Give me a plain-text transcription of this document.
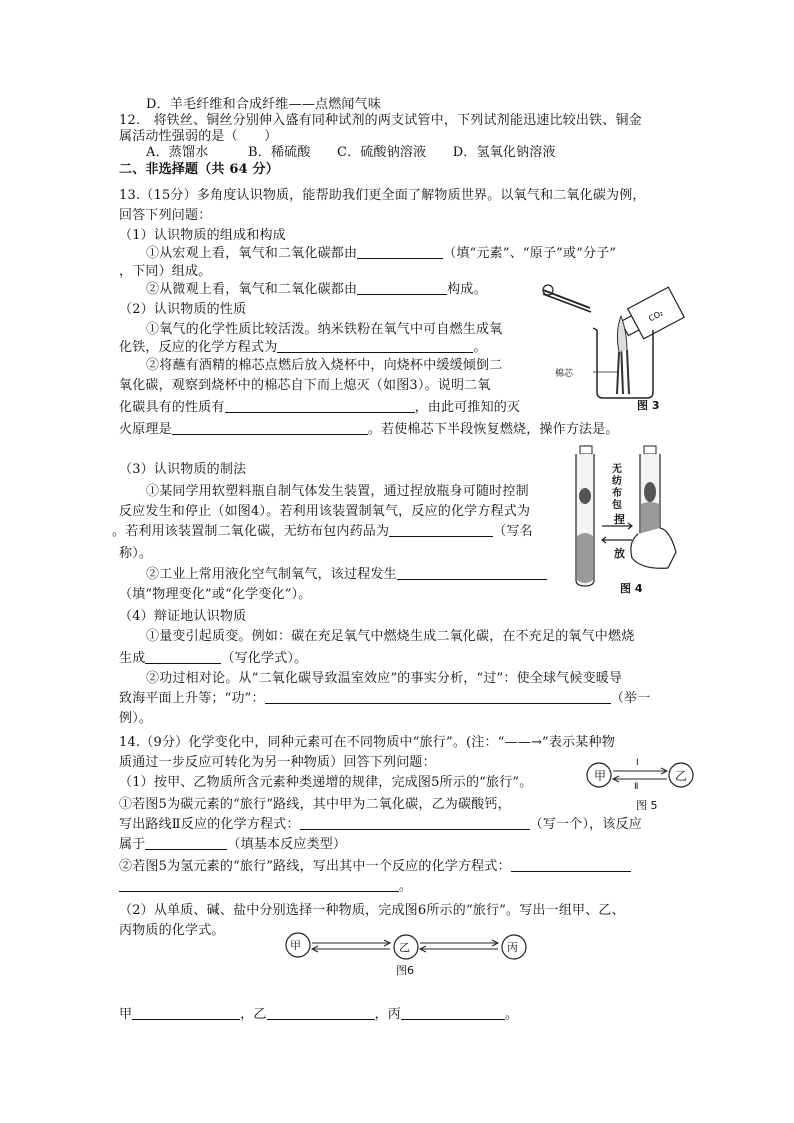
D．羊毛纤维和合成纤维——点燃闻气味
12.　将铁丝、铜丝分别伸入盛有同种试剂的两支试管中，下列试剂能迅速比较出铁、铜金
属活动性强弱的是（　　）
A．蒸馏水　　　B．稀硫酸　　C．硫酸钠溶液　　D．氢氧化钠溶液
二、非选择题（共 64 分）
13.（15分）多角度认识物质，能帮助我们更全面了解物质世界。以氧气和二氧化碳为例，
回答下列问题：
（1）认识物质的组成和构成
①从宏观上看，氧气和二氧化碳都由	（填“元素”、“原子”或“分子”
，下同）组成。
②从微观上看，氧气和二氧化碳都由	构成。
（2）认识物质的性质
①氧气的化学性质比较活泼。纳米铁粉在氧气中可自燃生成氧
化铁，反应的化学方程式为	。
②将蘸有酒精的棉芯点燃后放入烧杯中，向烧杯中缓缓倾倒二
氧化碳，观察到烧杯中的棉芯自下而上熄灭（如图3）。说明二氧
化碳具有的性质有	，由此可推知的灭
火原理是	。若使棉芯下半段恢复燃烧，操作方法是。
（3）认识物质的制法
①某同学用软塑料瓶自制气体发生装置，通过捏放瓶身可随时控制
反应发生和停止（如图4）。若利用该装置制氧气，反应的化学方程式为
。若利用该装置制二氧化碳，无纺布包内药品为	（写名
称）。
②工业上常用液化空气制氧气，该过程发生
（填“物理变化”或“化学变化”）。
（4）辩证地认识物质
①量变引起质变。例如：碳在充足氧气中燃烧生成二氧化碳，在不充足的氧气中燃烧
生成	（写化学式）。
②功过相对论。从“二氧化碳导致温室效应”的事实分析，“过”：使全球气候变暖导
致海平面上升等；“功”：	（举一
例）。
14.（9分）化学变化中，同种元素可在不同物质中“旅行”。(注：“——→”表示某种物
质通过一步反应可转化为另一种物质）回答下列问题：
（1）按甲、乙物质所含元素种类递增的规律，完成图5所示的“旅行”。
①若图5为碳元素的“旅行”路线，其中甲为二氧化碳，乙为碳酸钙，
写出路线Ⅱ反应的化学方程式：	（写一个），该反应
属于	（填基本反应类型）
②若图5为氢元素的“旅行”路线，写出其中一个反应的化学方程式：
。
（2）从单质、碱、盐中分别选择一种物质，完成图6所示的“旅行”。写出一组甲、乙、
丙物质的化学式。
甲	，乙	，丙	。
CO₂
棉芯
图 3
无纺布包
捏
放
图 4
甲	乙
Ⅰ
Ⅱ
图 5
甲	乙	丙
图6
